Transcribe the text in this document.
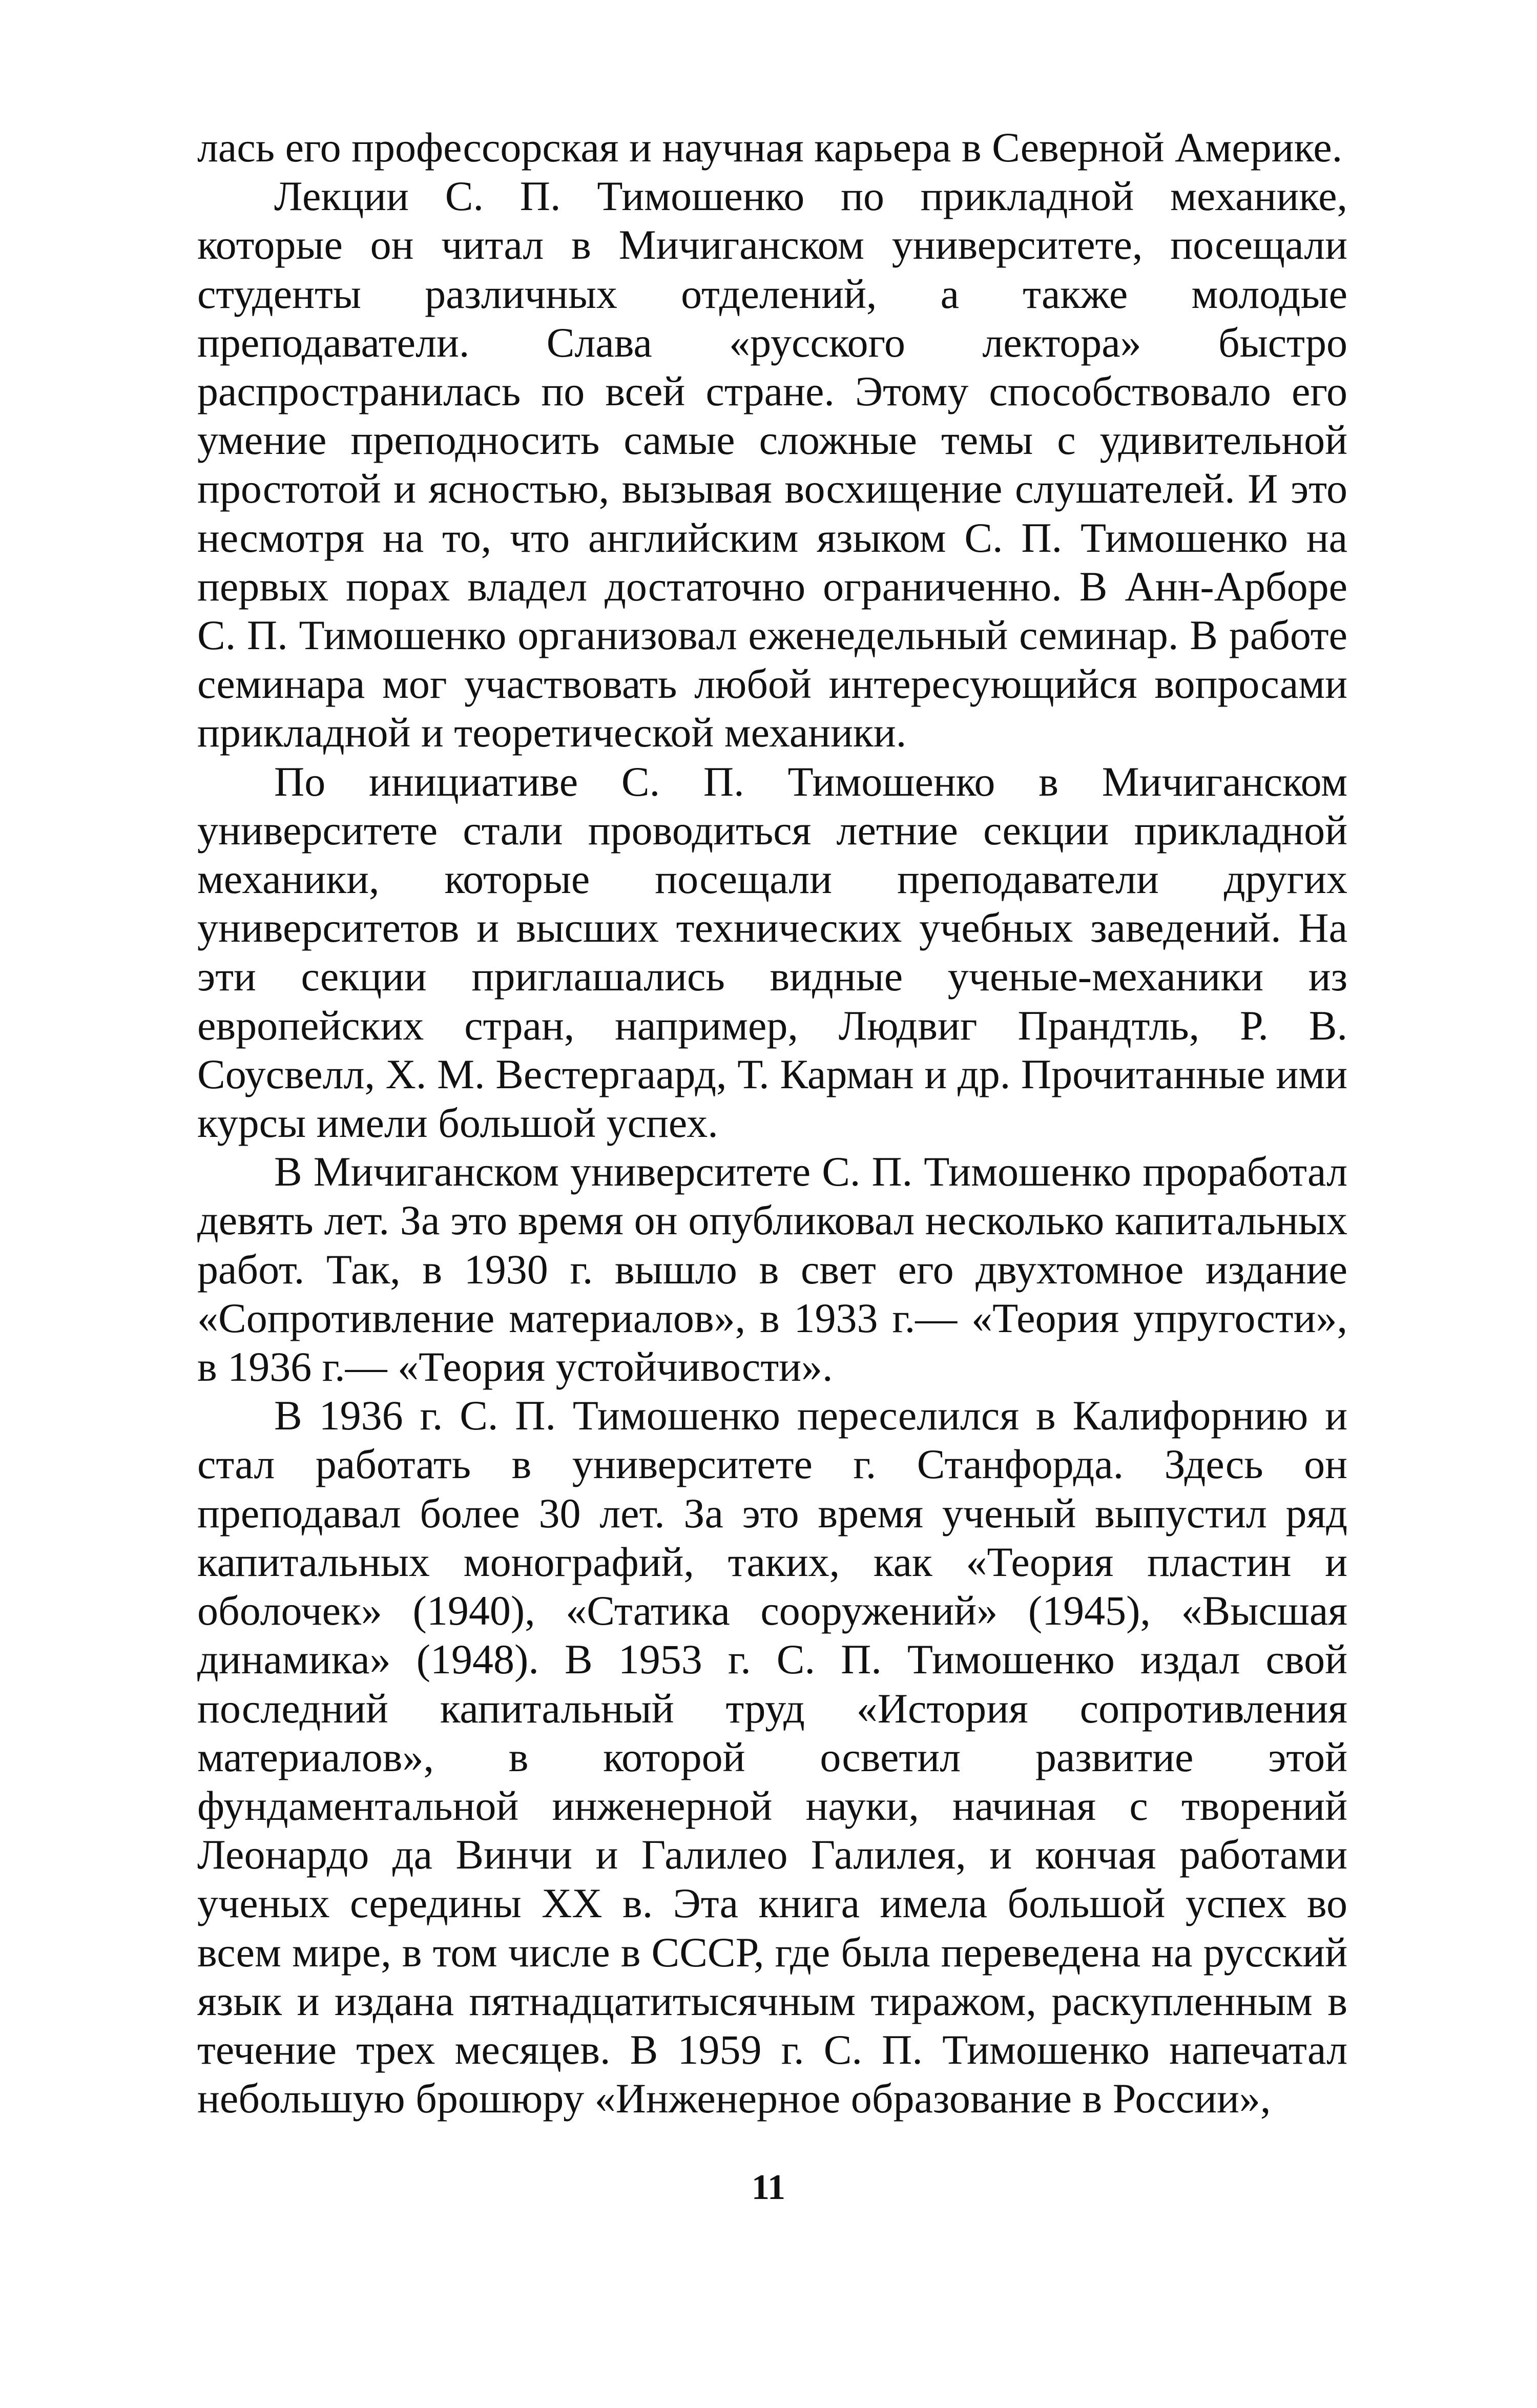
лась его профессорская и научная карьера в Северной Америке.

Лекции С. П. Тимошенко по прикладной механике, которые он читал в Мичиганском университете, посещали студенты различных отделений, а также молодые преподаватели. Слава «русского лектора» быстро распространилась по всей стране. Этому способствовало его умение преподносить самые сложные темы с удивительной простотой и ясностью, вызывая восхищение слушателей. И это несмотря на то, что английским языком С. П. Тимошенко на первых порах владел достаточно ограниченно. В Анн-Арборе С. П. Тимошенко организовал еженедельный семинар. В работе семинара мог участвовать любой интересующийся вопросами прикладной и теоретической механики.

По инициативе С. П. Тимошенко в Мичиганском университете стали проводиться летние секции прикладной механики, которые посещали преподаватели других университетов и высших технических учебных заведений. На эти секции приглашались видные ученые-механики из европейских стран, например, Людвиг Прандтль, Р. В. Соусвелл, Х. М. Вестергаард, Т. Карман и др. Прочитанные ими курсы имели большой успех.

В Мичиганском университете С. П. Тимошенко проработал девять лет. За это время он опубликовал несколько капитальных работ. Так, в 1930 г. вышло в свет его двухтомное издание «Сопротивление материалов», в 1933 г.— «Теория упругости», в 1936 г.— «Теория устойчивости».

В 1936 г. С. П. Тимошенко переселился в Калифорнию и стал работать в университете г. Станфорда. Здесь он преподавал более 30 лет. За это время ученый выпустил ряд капитальных монографий, таких, как «Теория пластин и оболочек» (1940), «Статика сооружений» (1945), «Высшая динамика» (1948). В 1953 г. С. П. Тимошенко издал свой последний капитальный труд «История сопротивления материалов», в которой осветил развитие этой фундаментальной инженерной науки, начиная с творений Леонардо да Винчи и Галилео Галилея, и кончая работами ученых середины XX в. Эта книга имела большой успех во всем мире, в том числе в СССР, где была переведена на русский язык и издана пятнадцатитысячным тиражом, раскупленным в течение трех месяцев. В 1959 г. С. П. Тимошенко напечатал небольшую брошюру «Инженерное образование в России»,

11
